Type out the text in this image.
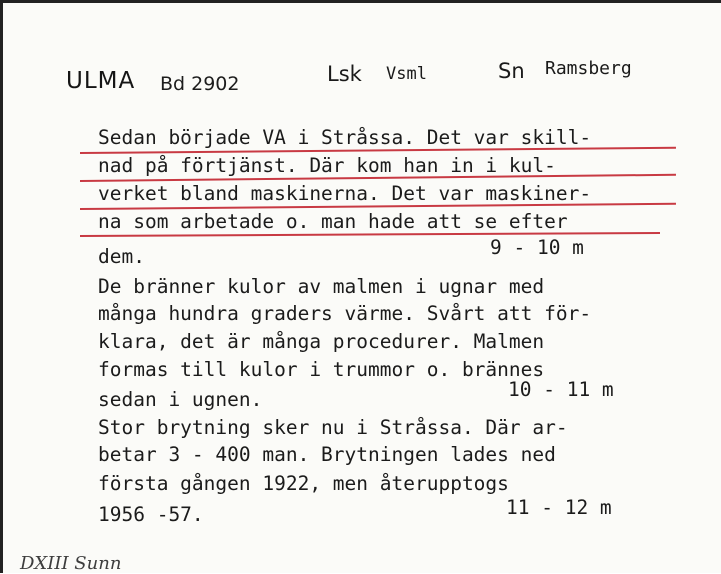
ULMA Bd 2902	Lsk Vsml	Sn Ramsberg
Sedan började VA i Stråssa. Det var skill-
nad på förtjänst. Där kom han in i kul-
verket bland maskinerna. Det var maskiner-
na som arbetade o. man hade att se efter
dem.
De bränner kulor av malmen i ugnar med
många hundra graders värme. Svårt att för-
klara, det är många procedurer. Malmen
formas till kulor i trummor o. brännes
sedan i ugnen.
Stor brytning sker nu i Stråssa. Där ar-
betar 3 - 400 man. Brytningen lades ned
första gången 1922, men återupptogs
1956 -57.
9 - 10 m
10 - 11 m
11 - 12 m
DXIII Sunn
